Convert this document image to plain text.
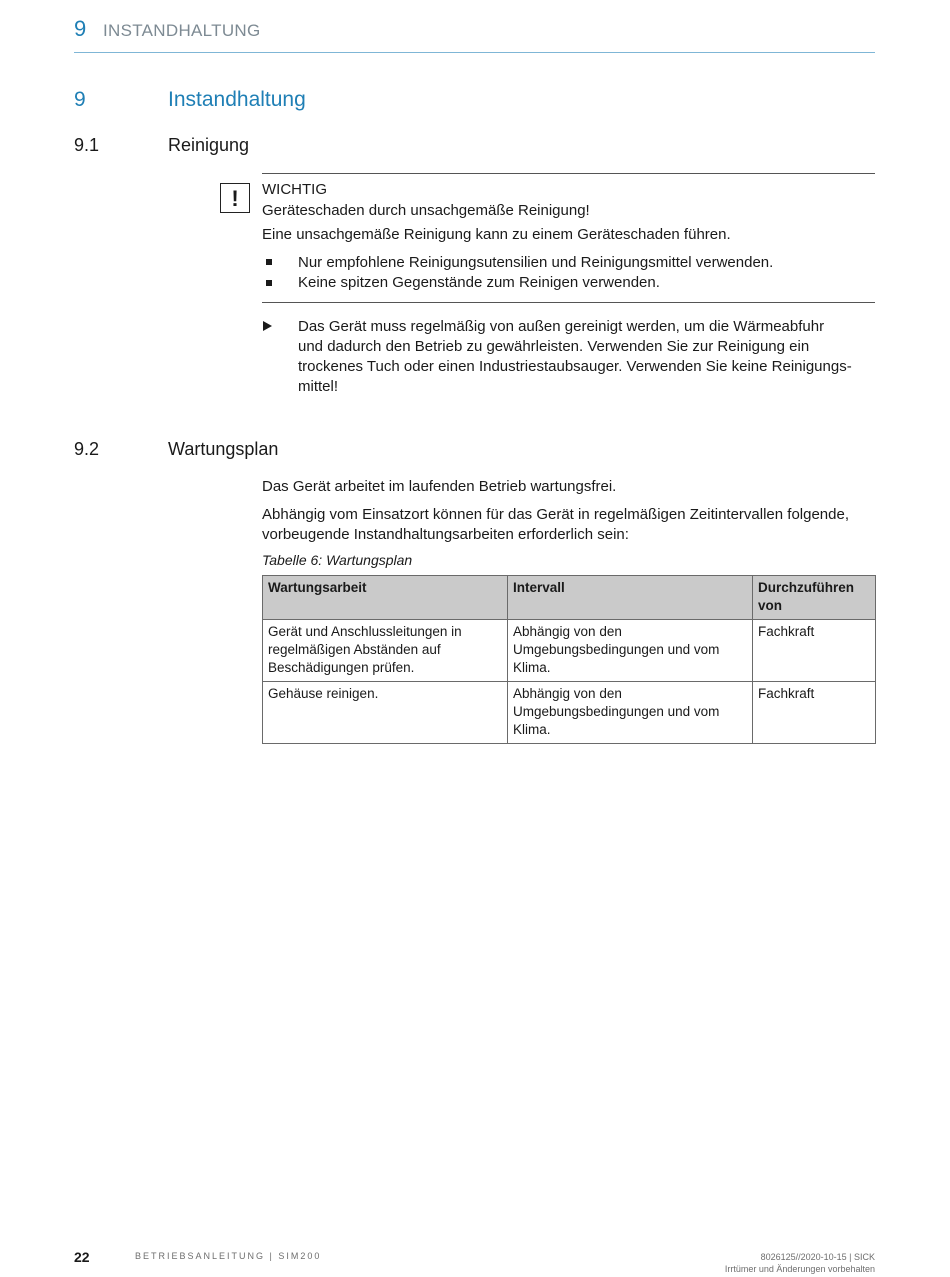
9 INSTANDHALTUNG
9	Instandhaltung
9.1	Reinigung
!	WICHTIG
Geräteschaden durch unsachgemäße Reinigung!
Eine unsachgemäße Reinigung kann zu einem Geräteschaden führen.
Nur empfohlene Reinigungsutensilien und Reinigungsmittel verwenden.
Keine spitzen Gegenstände zum Reinigen verwenden.
Das Gerät muss regelmäßig von außen gereinigt werden, um die Wärmeabfuhr
und dadurch den Betrieb zu gewährleisten. Verwenden Sie zur Reinigung ein
trockenes Tuch oder einen Industriestaubsauger. Verwenden Sie keine Reinigungs-
mittel!
9.2	Wartungsplan
Das Gerät arbeitet im laufenden Betrieb wartungsfrei.
Abhängig vom Einsatzort können für das Gerät in regelmäßigen Zeitintervallen folgende,
vorbeugende Instandhaltungsarbeiten erforderlich sein:
Tabelle 6: Wartungsplan
Wartungsarbeit	Intervall	Durchzuführen von
Gerät und Anschlussleitungen in regelmäßigen Abständen auf Beschädigungen prüfen.	Abhängig von den Umgebungsbedingungen und vom Klima.	Fachkraft
Gehäuse reinigen.	Abhängig von den Umgebungsbedingungen und vom Klima.	Fachkraft
22	BETRIEBSANLEITUNG | SIM200	8026125//2020-10-15 | SICK
Irrtümer und Änderungen vorbehalten
